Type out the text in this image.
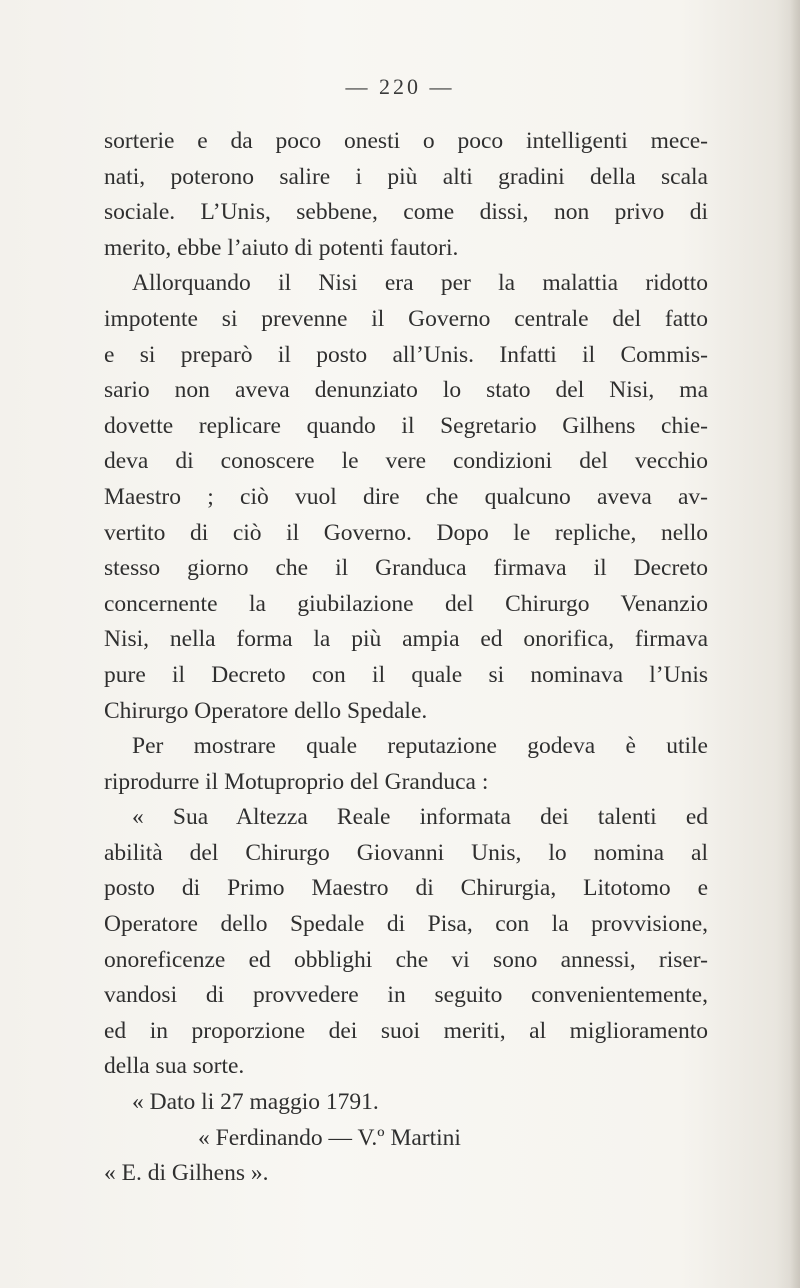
— 220 —
sorterie e da poco onesti o poco intelligenti mece-
nati, poterono salire i più alti gradini della scala
sociale. L’Unis, sebbene, come dissi, non privo di
merito, ebbe l’aiuto di potenti fautori.
Allorquando il Nisi era per la malattia ridotto
impotente si prevenne il Governo centrale del fatto
e si preparò il posto all’Unis. Infatti il Commis-
sario non aveva denunziato lo stato del Nisi, ma
dovette replicare quando il Segretario Gilhens chie-
deva di conoscere le vere condizioni del vecchio
Maestro ; ciò vuol dire che qualcuno aveva av-
vertito di ciò il Governo. Dopo le repliche, nello
stesso giorno che il Granduca firmava il Decreto
concernente la giubilazione del Chirurgo Venanzio
Nisi, nella forma la più ampia ed onorifica, firmava
pure il Decreto con il quale si nominava l’Unis
Chirurgo Operatore dello Spedale.
Per mostrare quale reputazione godeva è utile
riprodurre il Motuproprio del Granduca :
« Sua Altezza Reale informata dei talenti ed
abilità del Chirurgo Giovanni Unis, lo nomina al
posto di Primo Maestro di Chirurgia, Litotomo e
Operatore dello Spedale di Pisa, con la provvisione,
onoreficenze ed obblighi che vi sono annessi, riser-
vandosi di provvedere in seguito convenientemente,
ed in proporzione dei suoi meriti, al miglioramento
della sua sorte.
« Dato li 27 maggio 1791.
« Ferdinando — V.º Martini
« E. di Gilhens ».
